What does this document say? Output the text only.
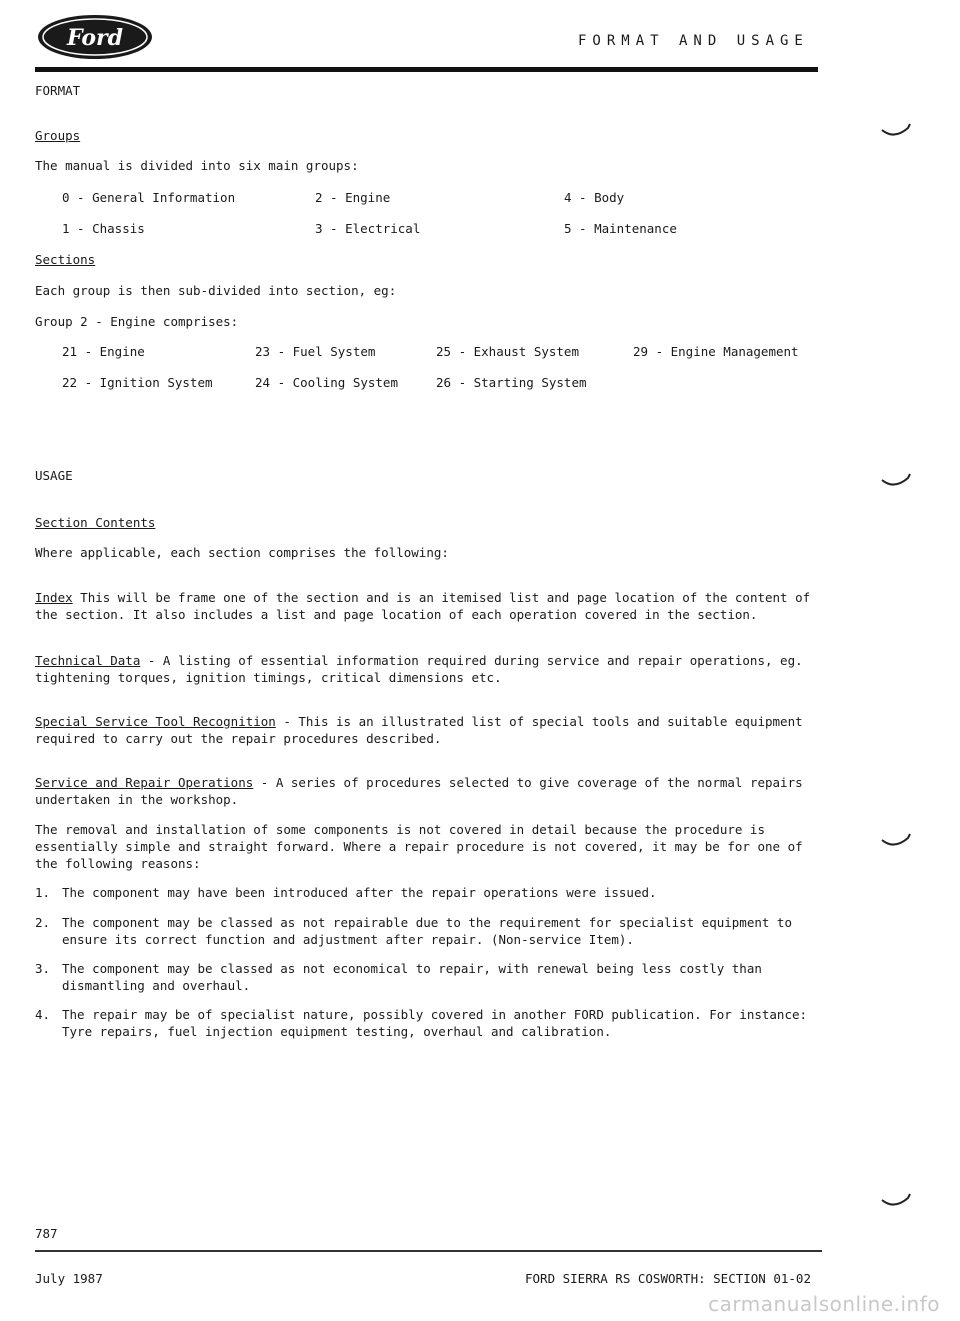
Ford	FORMAT AND USAGE
FORMAT
Groups
The manual is divided into six main groups:
0 - General Information	2 - Engine	4 - Body
1 - Chassis	3 - Electrical	5 - Maintenance
Sections
Each group is then sub-divided into section, eg:
Group 2 - Engine comprises:
21 - Engine	23 - Fuel System	25 - Exhaust System	29 - Engine Management
22 - Ignition System	24 - Cooling System	26 - Starting System
USAGE
Section Contents
Where applicable, each section comprises the following:
Index This will be frame one of the section and is an itemised list and page location of the content of the section. It also includes a list and page location of each operation covered in the section.
Technical Data - A listing of essential information required during service and repair operations, eg. tightening torques, ignition timings, critical dimensions etc.
Special Service Tool Recognition - This is an illustrated list of special tools and suitable equipment required to carry out the repair procedures described.
Service and Repair Operations - A series of procedures selected to give coverage of the normal repairs undertaken in the workshop.
The removal and installation of some components is not covered in detail because the procedure is essentially simple and straight forward. Where a repair procedure is not covered, it may be for one of the following reasons:
1. The component may have been introduced after the repair operations were issued.
2. The component may be classed as not repairable due to the requirement for specialist equipment to ensure its correct function and adjustment after repair. (Non-service Item).
3. The component may be classed as not economical to repair, with renewal being less costly than dismantling and overhaul.
4. The repair may be of specialist nature, possibly covered in another FORD publication. For instance: Tyre repairs, fuel injection equipment testing, overhaul and calibration.
787
July 1987	FORD SIERRA RS COSWORTH: SECTION 01-02
carmanualsonline.info
